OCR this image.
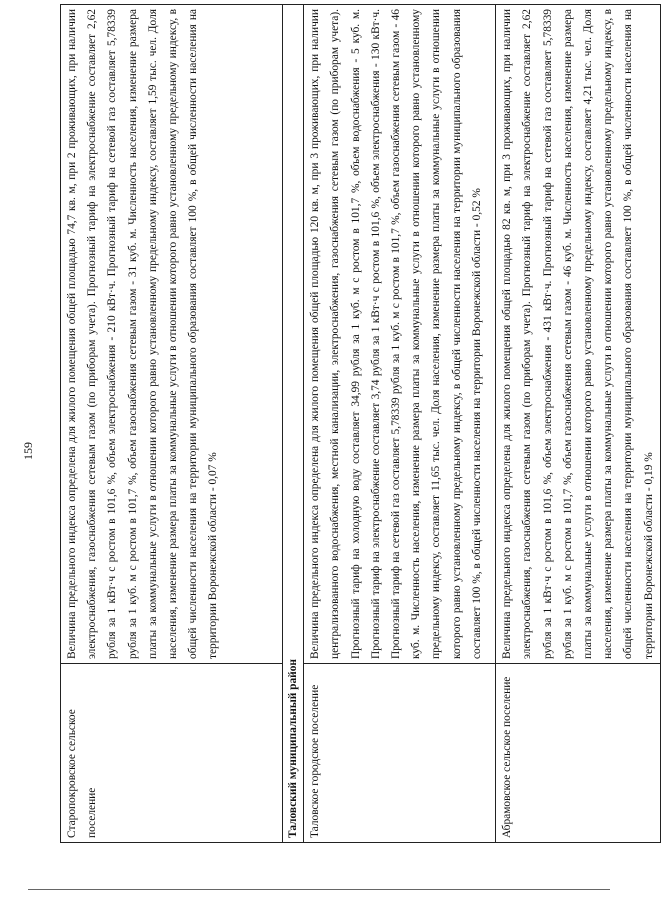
159
Старопокровское сельское поселение	Величина предельного индекса определена для жилого помещения общей площадью 74,7 кв. м, при 2 проживающих, при наличии электроснабжения, газоснабжения сетевым газом (по приборам учета). Прогнозный тариф на электроснабжение составляет 2,62 рубля за 1 кВт·ч с ростом в 101,6 %, объем электроснабжения - 210 кВт·ч. Прогнозный тариф на сетевой газ составляет 5,78339 рубля за 1 куб. м с ростом в 101,7 %, объем газоснабжения сетевым газом - 31 куб. м. Численность населения, изменение размера платы за коммунальные услуги в отношении которого равно установленному предельному индексу, составляет 1,59 тыс. чел. Доля населения, изменение размера платы за коммунальные услуги в отношении которого равно установленному предельному индексу, в общей численности населения на территории муниципального образования составляет 100 %, в общей численности населения на территории Воронежской области - 0,07 %
Таловский муниципальный район	
Таловское городское поселение	Величина предельного индекса определена для жилого помещения общей площадью 120 кв. м, при 3 проживающих, при наличии централизованного водоснабжения, местной канализации, электроснабжения, газоснабжения сетевым газом (по приборам учета). Прогнозный тариф на холодную воду составляет 34,99 рубля за 1 куб. м с ростом в 101,7 %, объем водоснабжения - 5 куб. м. Прогнозный тариф на электроснабжение составляет 3,74 рубля за 1 кВт·ч с ростом в 101,6 %, объем электроснабжения - 130 кВт·ч. Прогнозный тариф на сетевой газ составляет 5,78339 рубля за 1 куб. м с ростом в 101,7 %, объем газоснабжения сетевым газом - 46 куб. м. Численность населения, изменение размера платы за коммунальные услуги в отношении которого равно установленному предельному индексу, составляет 11,65 тыс. чел. Доля населения, изменение размера платы за коммунальные услуги в отношении которого равно установленному предельному индексу, в общей численности населения на территории муниципального образования составляет 100 %, в общей численности населения на территории Воронежской области - 0,52 %
Абрамовское сельское поселение	Величина предельного индекса определена для жилого помещения общей площадью 82 кв. м, при 3 проживающих, при наличии электроснабжения, газоснабжения сетевым газом (по приборам учета). Прогнозный тариф на электроснабжение составляет 2,62 рубля за 1 кВт·ч с ростом в 101,6 %, объем электроснабжения - 431 кВт·ч. Прогнозный тариф на сетевой газ составляет 5,78339 рубля за 1 куб. м с ростом в 101,7 %, объем газоснабжения сетевым газом - 46 куб. м. Численность населения, изменение размера платы за коммунальные услуги в отношении которого равно установленному предельному индексу, составляет 4,21 тыс. чел. Доля населения, изменение размера платы за коммунальные услуги в отношении которого равно установленному предельному индексу, в общей численности населения на территории муниципального образования составляет 100 %, в общей численности населения на территории Воронежской области - 0,19 %
